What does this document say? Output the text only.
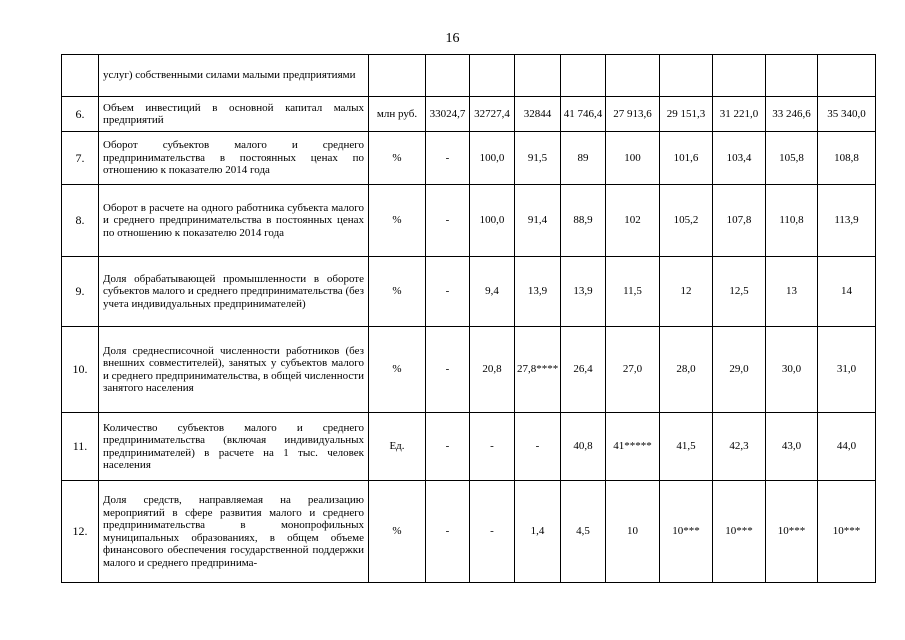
16
	услуг) собственными силами малыми предприятиями										
6.	Объем инвестиций в основной капитал малых предприятий	млн руб.	33024,7	32727,4	32844	41 746,4	27 913,6	29 151,3	31 221,0	33 246,6	35 340,0
7.	Оборот субъектов малого и среднего предпринимательства в постоянных ценах по отношению к показателю 2014 года	%	-	100,0	91,5	89	100	101,6	103,4	105,8	108,8
8.	Оборот в расчете на одного работника субъекта малого и среднего предпринимательства в постоянных ценах по отношению к показателю 2014 года	%	-	100,0	91,4	88,9	102	105,2	107,8	110,8	113,9
9.	Доля обрабатывающей промышленности в обороте субъектов малого и среднего предпринимательства (без учета индивидуальных предпринимателей)	%	-	9,4	13,9	13,9	11,5	12	12,5	13	14
10.	Доля среднесписочной численности работников (без внешних совместителей), занятых у субъектов малого и среднего предпринимательства, в общей численности занятого населения	%	-	20,8	27,8****	26,4	27,0	28,0	29,0	30,0	31,0
11.	Количество субъектов малого и среднего предпринимательства (включая индивидуальных предпринимателей) в расчете на 1 тыс. человек населения	Ед.	-	-	-	40,8	41*****	41,5	42,3	43,0	44,0
12.	Доля средств, направляемая на реализацию мероприятий в сфере развития малого и среднего предпринимательства в монопрофильных муниципальных образованиях, в общем объеме финансового обеспечения государственной поддержки малого и среднего предпринима-	%	-	-	1,4	4,5	10	10***	10***	10***	10***
